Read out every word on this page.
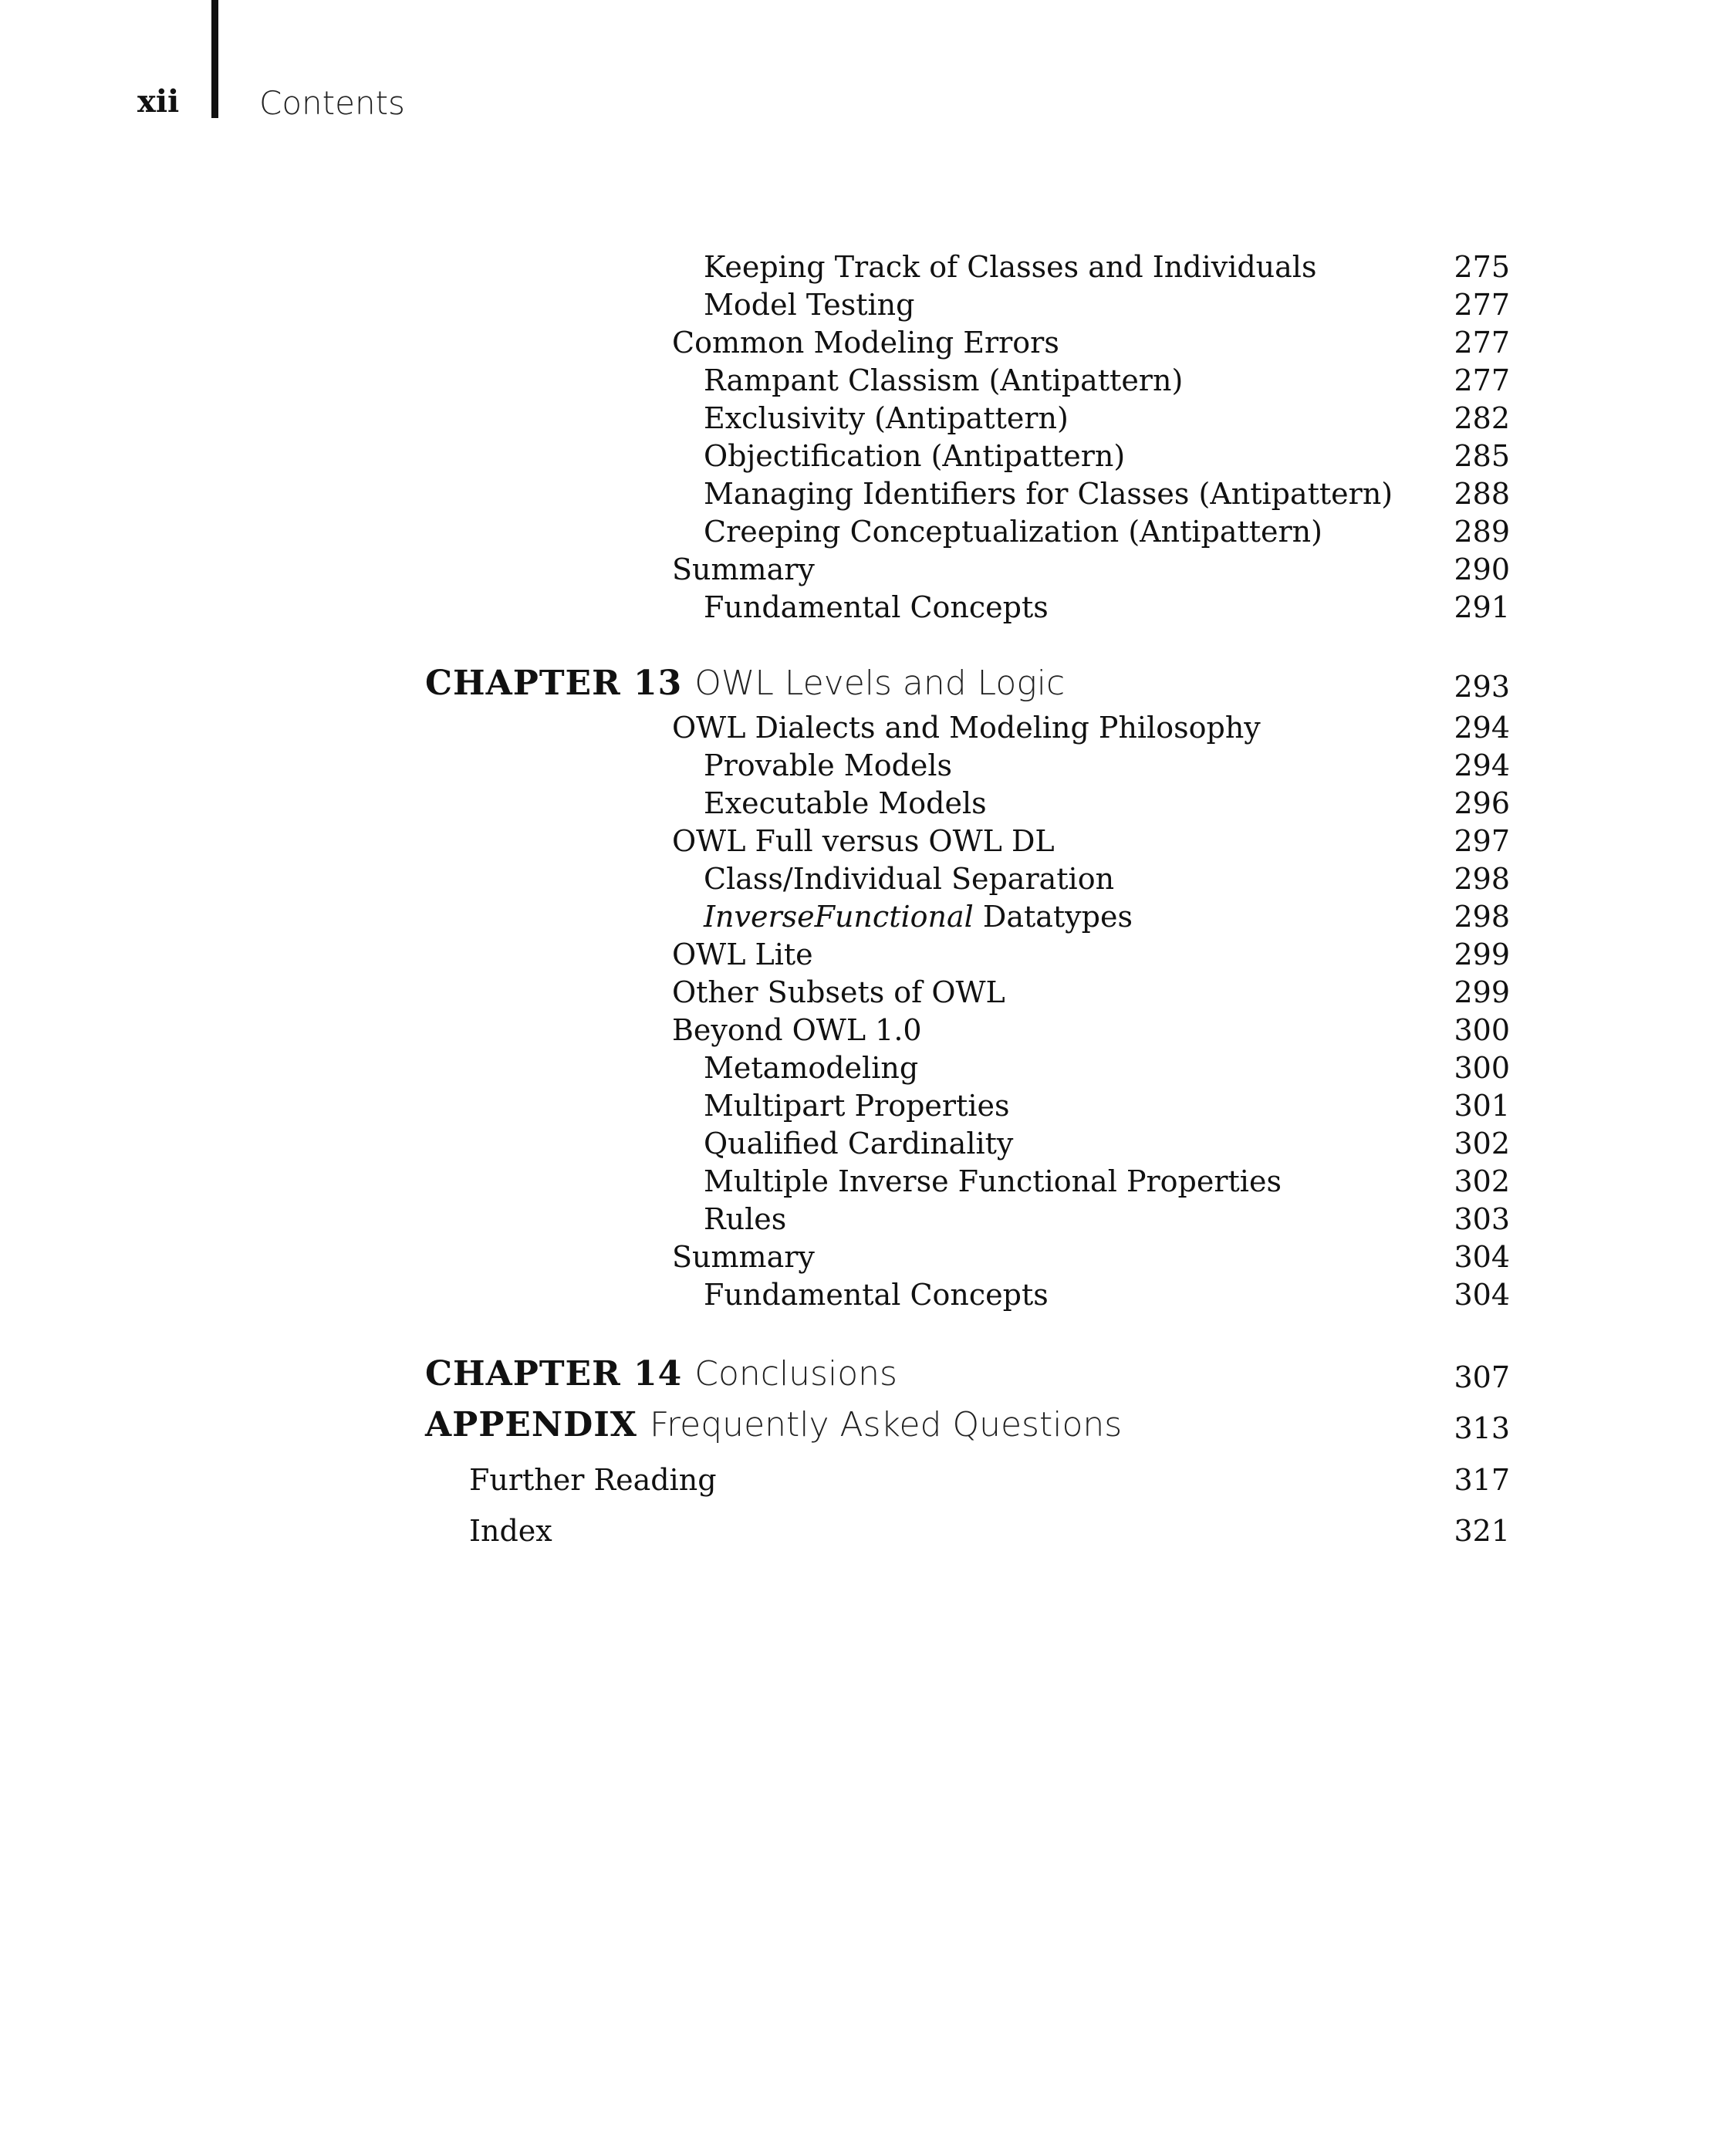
xii Contents
Keeping Track of Classes and Individuals	275
Model Testing	277
Common Modeling Errors	277
Rampant Classism (Antipattern)	277
Exclusivity (Antipattern)	282
Objectification (Antipattern)	285
Managing Identifiers for Classes (Antipattern)	288
Creeping Conceptualization (Antipattern)	289
Summary	290
Fundamental Concepts	291
CHAPTER 13 OWL Levels and Logic	293
OWL Dialects and Modeling Philosophy	294
Provable Models	294
Executable Models	296
OWL Full versus OWL DL	297
Class/Individual Separation	298
InverseFunctional Datatypes	298
OWL Lite	299
Other Subsets of OWL	299
Beyond OWL 1.0	300
Metamodeling	300
Multipart Properties	301
Qualified Cardinality	302
Multiple Inverse Functional Properties	302
Rules	303
Summary	304
Fundamental Concepts	304
CHAPTER 14 Conclusions	307
APPENDIX Frequently Asked Questions	313
Further Reading	317
Index	321
